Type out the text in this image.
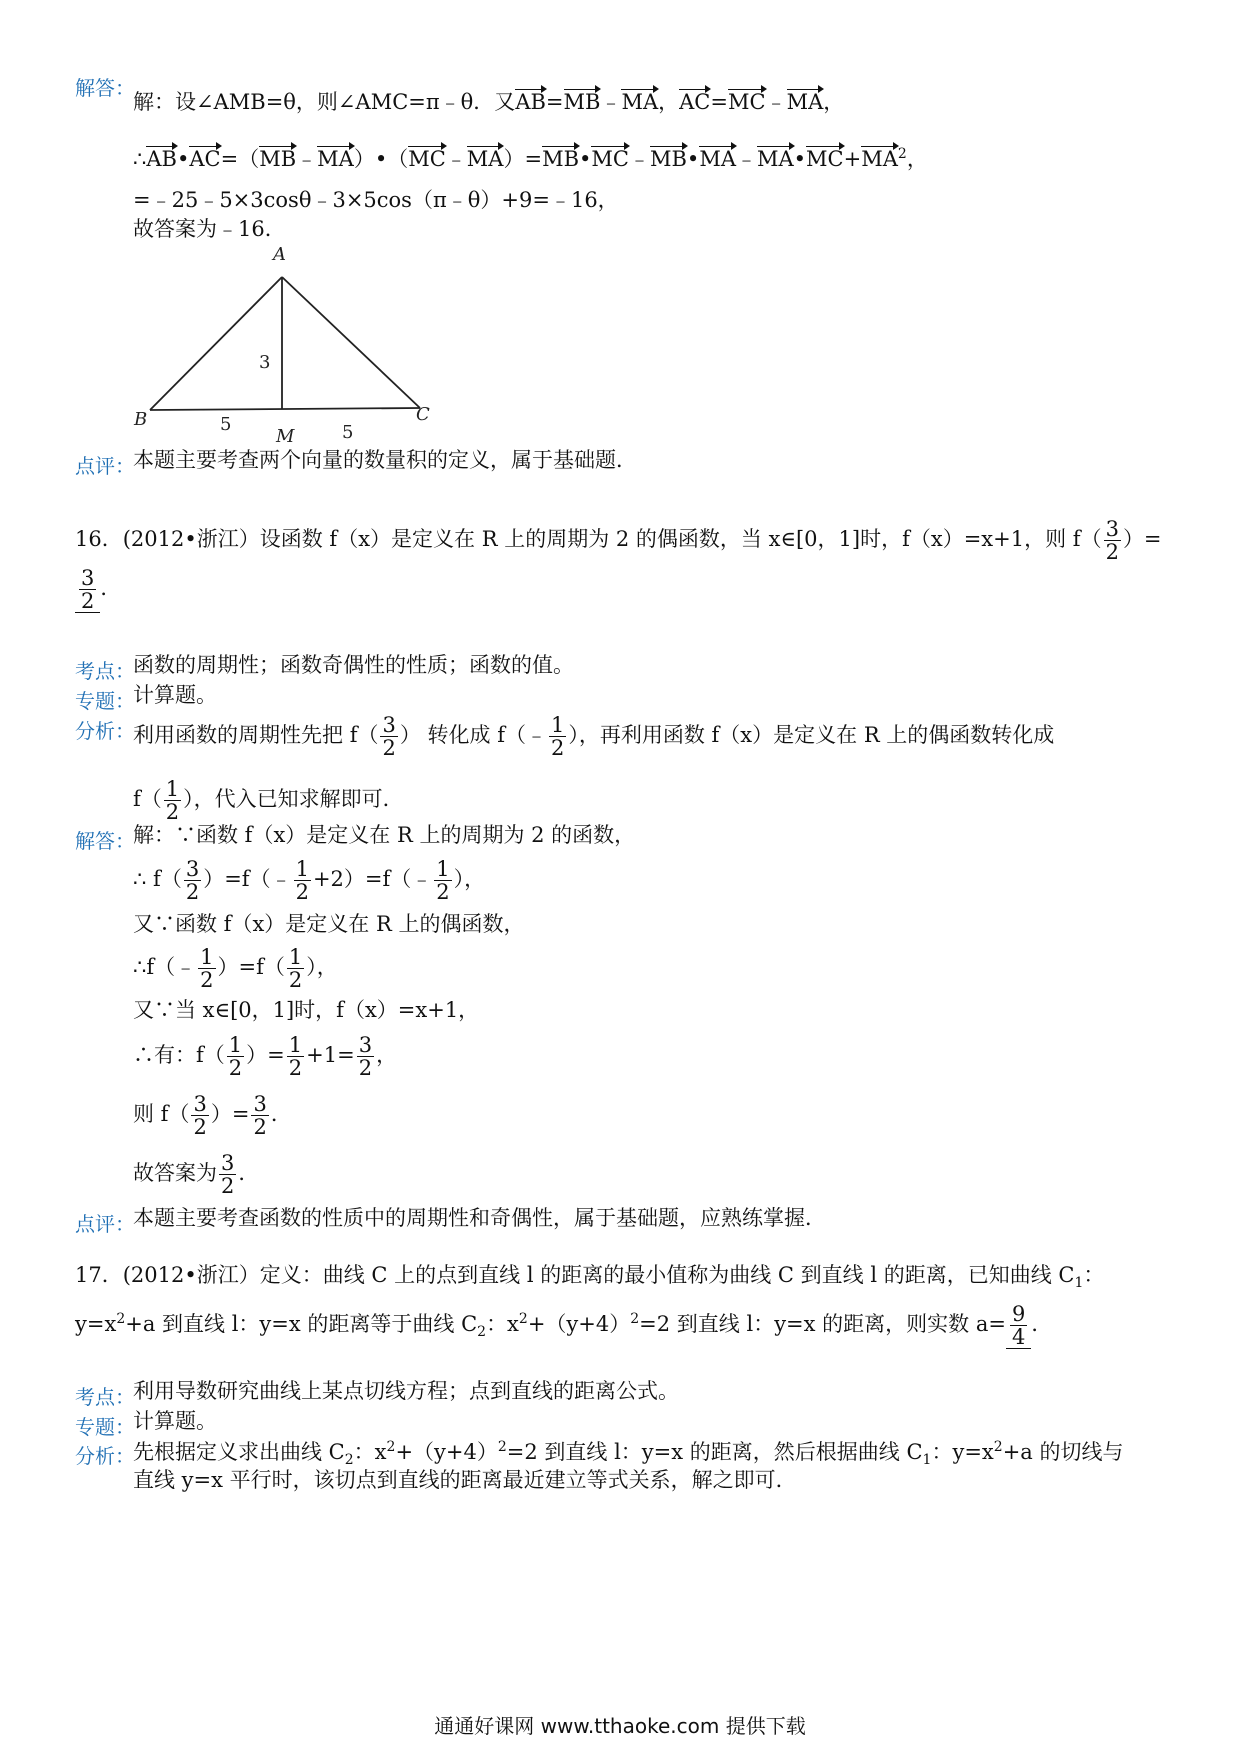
解答：
解：设∠AMB=θ，则∠AMC=π﹣θ．又AB=MB﹣MA，AC=MC﹣MA，
$\therefore AB•AC=(MB﹣MA)•(MC﹣MA)=MB•MC﹣MB•MA﹣MA•MC+MA^2$，
=﹣25﹣5×3cosθ﹣3×5cos（π﹣θ）+9=﹣16，
故答案为﹣16．
A
B	C
M
3
5	5
点评：
本题主要考查两个向量的数量积的定义，属于基础题．
16．(2012•浙江）设函数 f（x）是定义在 R 上的周期为 2 的偶函数，当 x∈[0，1]时，f（x）=x+1，则 $f( \frac{3}{2}$ ）=
$\frac{3}{2}$ ．
考点：
函数的周期性；函数奇偶性的性质；函数的值。
专题：
计算题。
分析：
利用函数的周期性先把 $f( \frac{3}{2}$ ） 转化成 f（﹣ $\frac{1}{2}$ ），再利用函数 f（x）是定义在 R 上的偶函数转化成
$f( \frac{1}{2}$ ），代入已知求解即可．
解答：
解：∵函数 f（x）是定义在 R 上的周期为 2 的函数，
∴ $f( \frac{3}{2}$ ）=f（﹣ $\frac{1}{2}$ +2）=f（﹣ $\frac{1}{2}$ ），
又∵函数 f（x）是定义在 R 上的偶函数，
∴f（﹣ $\frac{1}{2} )=f( \frac{1}{2}$ ），
又∵当 x∈[0，1]时，f（x）=x+1，
∴有：$f( \frac{1}{2}$ ）= $\frac{1}{2} +1= \frac{3}{2}$ ，
则 $f( \frac{3}{2}$ ）= $\frac{3}{2}$ ．
故答案为 $\frac{3}{2}$ ．
点评：
本题主要考查函数的性质中的周期性和奇偶性，属于基础题，应熟练掌握．
17．(2012•浙江）定义：曲线 C 上的点到直线 l 的距离的最小值称为曲线 C 到直线 l 的距离，已知曲线 $C_1$：
$y=x^2+a$ 到直线 l：y=x 的距离等于曲线 $C_2$：$x^2+(y+4)^2=2$ 到直线 l：y=x 的距离，则实数 $a= \frac{9}{4}$ ．
考点：
利用导数研究曲线上某点切线方程；点到直线的距离公式。
专题：
计算题。
分析：
先根据定义求出曲线 $C_2$：$x^2+(y+4)^2=2$ 到直线 l：y=x 的距离，然后根据曲线 $C_1$：$y=x^2+a$ 的切线与
直线 y=x 平行时，该切点到直线的距离最近建立等式关系，解之即可．
通通好课网 www.tthaoke.com 提供下载
